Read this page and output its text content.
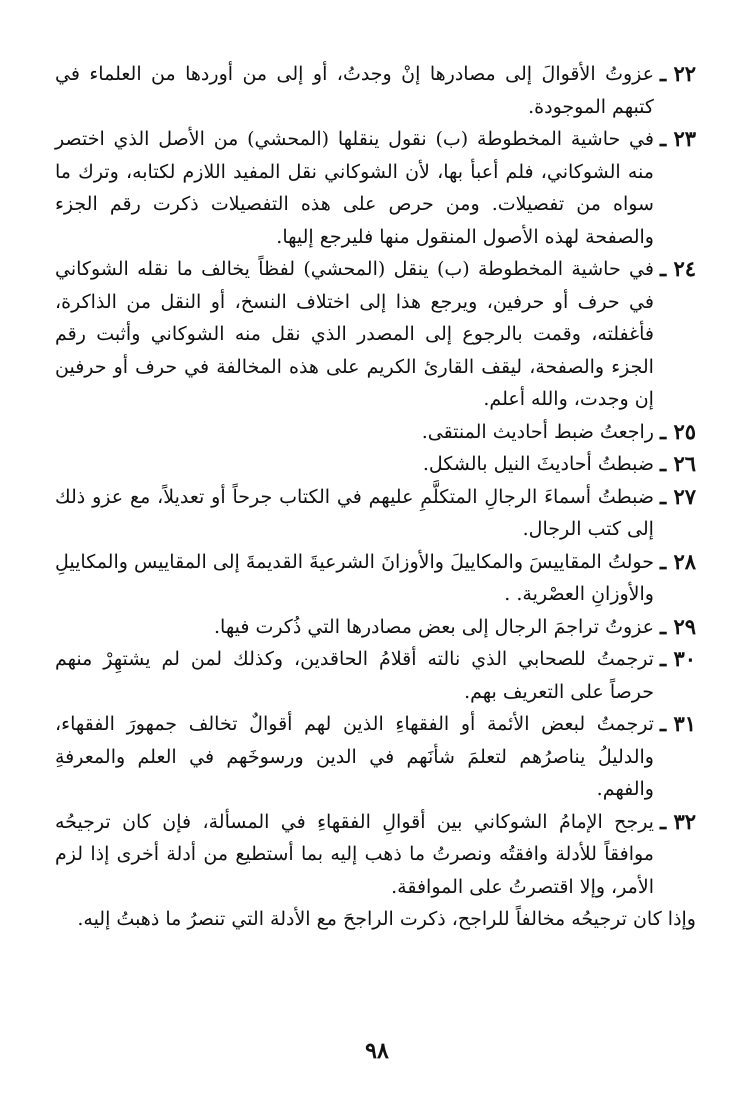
٢٢ ـ
عزوتُ الأقوالَ إلى مصادرها إنْ وجدتُ، أو إلى من أوردها من العلماء في كتبهم الموجودة.
٢٣ ـ
في حاشية المخطوطة (ب) نقول ينقلها (المحشي) من الأصل الذي اختصر منه الشوكاني، فلم أعبأ بها، لأن الشوكاني نقل المفيد اللازم لكتابه، وترك ما سواه من تفصيلات. ومن حرص على هذه التفصيلات ذكرت رقم الجزء والصفحة لهذه الأصول المنقول منها فليرجع إليها.
٢٤ ـ
في حاشية المخطوطة (ب) ينقل (المحشي) لفظاً يخالف ما نقله الشوكاني في حرف أو حرفين، ويرجع هذا إلى اختلاف النسخ، أو النقل من الذاكرة، فأغفلته، وقمت بالرجوع إلى المصدر الذي نقل منه الشوكاني وأثبت رقم الجزء والصفحة، ليقف القارئ الكريم على هذه المخالفة في حرف أو حرفين إن وجدت، والله أعلم.
٢٥ ـ
راجعتُ ضبط أحاديث المنتقى.
٢٦ ـ
ضبطتُ أحاديثَ النيل بالشكل.
٢٧ ـ
ضبطتُ أسماءَ الرجالِ المتكلَّمِ عليهم في الكتاب جرحاً أو تعديلاً، مع عزو ذلك إلى كتب الرجال.
٢٨ ـ
حولتُ المقاييسَ والمكاييلَ والأوزانَ الشرعيةَ القديمةَ إلى المقاييس والمكاييلِ والأوزانِ العصْرية. .
٢٩ ـ
عزوتُ تراجمَ الرجال إلى بعض مصادرها التي ذُكرت فيها.
٣٠ ـ
ترجمتُ للصحابي الذي نالته أقلامُ الحاقدين، وكذلك لمن لم يشتهِرْ منهم حرصاً على التعريف بهم.
٣١ ـ
ترجمتُ لبعض الأئمة أو الفقهاءِ الذين لهم أقوالٌ تخالف جمهورَ الفقهاء، والدليلُ يناصرُهم لتعلمَ شأنَهم في الدين ورسوخَهم في العلم والمعرفةِ والفهم.
٣٢ ـ
يرجح الإمامُ الشوكاني بين أقوالِ الفقهاءِ في المسألة، فإن كان ترجيحُه موافقاً للأدلة وافقتُه ونصرتُ ما ذهب إليه بما أستطيع من أدلة أخرى إذا لزم الأمر، وإلا اقتصرتُ على الموافقة.
وإذا كان ترجيحُه مخالفاً للراجح، ذكرت الراجحَ مع الأدلة التي تنصرُ ما ذهبتُ إليه.
٩٨
